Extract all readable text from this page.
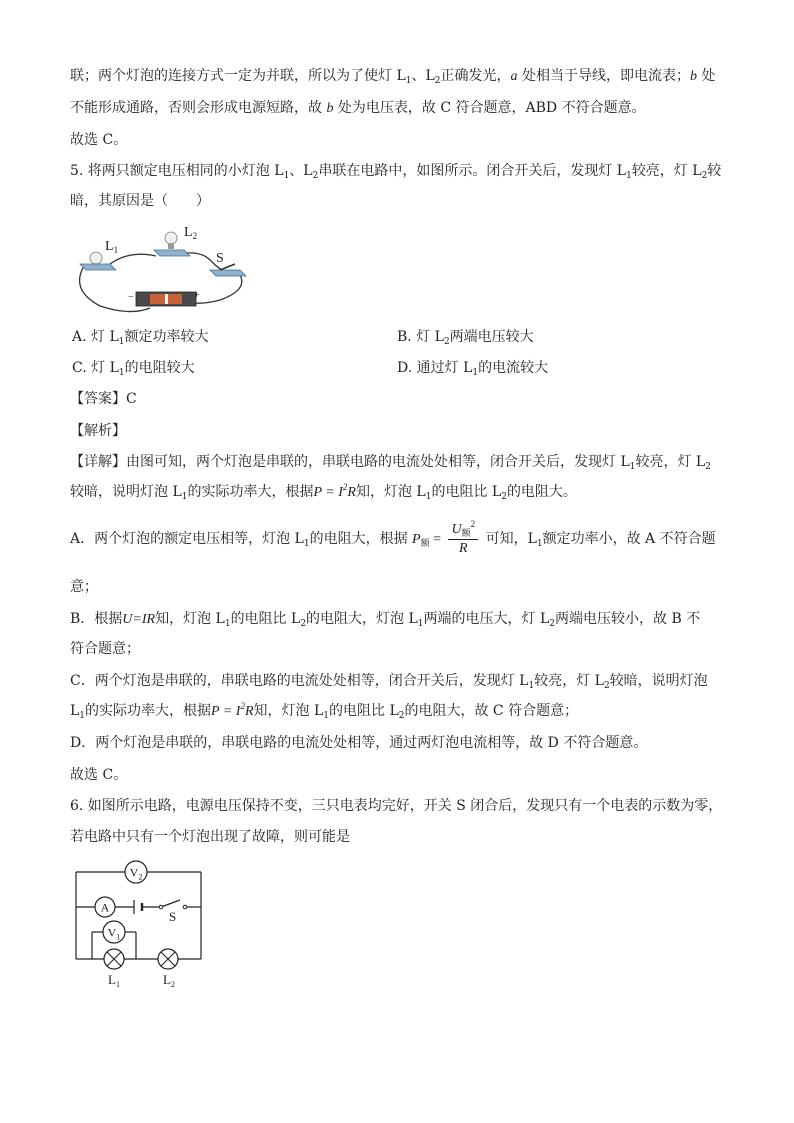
联；两个灯泡的连接方式一定为并联，所以为了使灯 $L_1$、$L_2$正确发光，a 处相当于导线，即电流表；b 处
不能形成通路，否则会形成电源短路，故 b 处为电压表，故 C 符合题意，ABD 不符合题意。
故选 C。
5. 将两只额定电压相同的小灯泡 $L_1$、$L_2$串联在电路中，如图所示。闭合开关后，发现灯 $L_1$较亮，灯 $L_2$较
暗，其原因是（　　）
−	+
$L_1$
$L_2$
S
A. 灯 $L_1$额定功率较大	B. 灯 $L_2$两端电压较大
C. 灯 $L_1$的电阻较大	D. 通过灯 $L_1$的电流较大
【答案】C
【解析】
【详解】由图可知，两个灯泡是串联的，串联电路的电流处处相等，闭合开关后，发现灯 $L_1$较亮，灯 $L_2$
较暗，说明灯泡 $L_1$的实际功率大，根据$P = I^2R$知，灯泡 $L_1$的电阻比 $L_2$的电阻大。
A．两个灯泡的额定电压相等，灯泡 $L_1$的电阻大，根据 $P_额 = \frac{U_额^2}{R}$ 可知，$L_1$额定功率小，故 A 不符合题
意；
B．根据U=IR知，灯泡 $L_1$的电阻比 $L_2$的电阻大，灯泡 $L_1$两端的电压大，灯 $L_2$两端电压较小，故 B 不
符合题意；
C．两个灯泡是串联的，串联电路的电流处处相等，闭合开关后，发现灯 $L_1$较亮，灯 $L_2$较暗，说明灯泡
$L_1$的实际功率大，根据$P = I^2R$知，灯泡 $L_1$的电阻比 $L_2$的电阻大，故 C 符合题意；
D．两个灯泡是串联的，串联电路的电流处处相等，通过两灯泡电流相等，故 D 不符合题意。
故选 C。
6. 如图所示电路，电源电压保持不变，三只电表均完好，开关 S 闭合后，发现只有一个电表的示数为零，
若电路中只有一个灯泡出现了故障，则可能是
$V_2$
A
$V_1$
S
$L_1$	$L_2$
